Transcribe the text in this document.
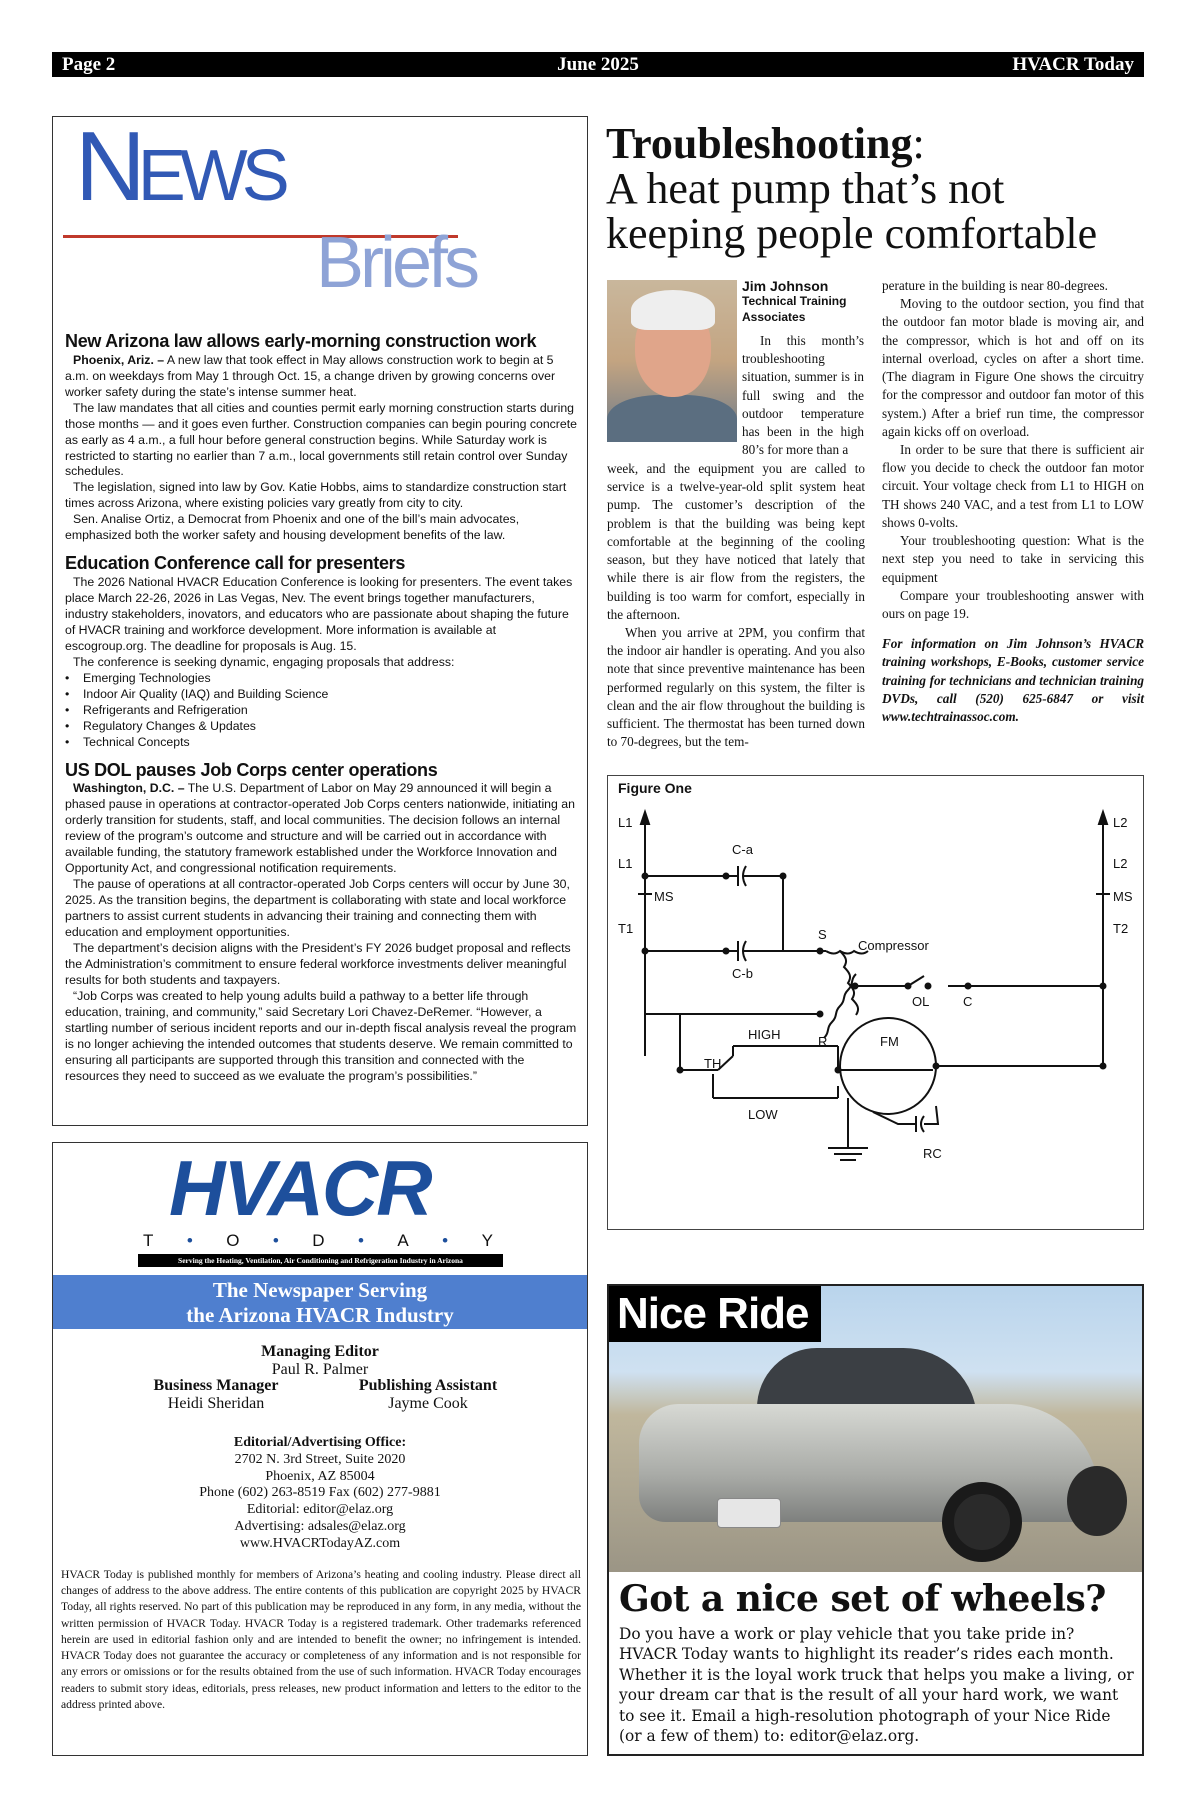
Page 2	June 2025	HVACR Today
NEWS
Briefs
New Arizona law allows early-morning construction work

Phoenix, Ariz. – A new law that took effect in May allows construction work to begin at 5 a.m. on weekdays from May 1 through Oct. 15, a change driven by growing concerns over worker safety during the state’s intense summer heat.

The law mandates that all cities and counties permit early morning construction starts during those months — and it goes even further. Construction companies can begin pouring concrete as early as 4 a.m., a full hour before general construction begins. While Saturday work is restricted to starting no earlier than 7 a.m., local governments still retain control over Sunday schedules.

The legislation, signed into law by Gov. Katie Hobbs, aims to standardize construction start times across Arizona, where existing policies vary greatly from city to city.

Sen. Analise Ortiz, a Democrat from Phoenix and one of the bill’s main advocates, emphasized both the worker safety and housing development benefits of the law.

Education Conference call for presenters

The 2026 National HVACR Education Conference is looking for presenters. The event takes place March 22-26, 2026 in Las Vegas, Nev. The event brings together manufacturers, industry stakeholders, inovators, and educators who are passionate about shaping the future of HVACR training and workforce development. More information is available at escogroup.org. The deadline for proposals is Aug. 15.

The conference is seeking dynamic, engaging proposals that address:

• Emerging Technologies
• Indoor Air Quality (IAQ) and Building Science
• Refrigerants and Refrigeration
• Regulatory Changes & Updates
• Technical Concepts
US DOL pauses Job Corps center operations

Washington, D.C. – The U.S. Department of Labor on May 29 announced it will begin a phased pause in operations at contractor-operated Job Corps centers nationwide, initiating an orderly transition for students, staff, and local communities. The decision follows an internal review of the program’s outcome and structure and will be carried out in accordance with available funding, the statutory framework established under the Workforce Innovation and Opportunity Act, and congressional notification requirements.

The pause of operations at all contractor-operated Job Corps centers will occur by June 30, 2025. As the transition begins, the department is collaborating with state and local workforce partners to assist current students in advancing their training and connecting them with education and employment opportunities.

The department’s decision aligns with the President’s FY 2026 budget proposal and reflects the Administration’s commitment to ensure federal workforce investments deliver meaningful results for both students and taxpayers.

“Job Corps was created to help young adults build a pathway to a better life through education, training, and community,” said Secretary Lori Chavez-DeRemer. “However, a startling number of serious incident reports and our in-depth fiscal analysis reveal the program is no longer achieving the intended outcomes that students deserve. We remain committed to ensuring all participants are supported through this transition and connected with the resources they need to succeed as we evaluate the program’s possibilities.”

Troubleshooting:
A heat pump that’s not
keeping people comfortable
Jim Johnson
Technical Training Associates

In this month’s troubleshooting situation, summer is in full swing and the outdoor temperature has been in the high 80’s for more than a

week, and the equipment you are called to service is a twelve-year-old split system heat pump. The customer’s description of the problem is that the building was being kept comfortable at the beginning of the cooling season, but they have noticed that lately that while there is air flow from the registers, the building is too warm for comfort, especially in the afternoon.

When you arrive at 2PM, you confirm that the indoor air handler is operating. And you also note that since preventive maintenance has been performed regularly on this system, the filter is clean and the air flow throughout the building is sufficient. The thermostat has been turned down to 70-degrees, but the tem-

perature in the building is near 80-degrees.

Moving to the outdoor section, you find that the outdoor fan motor blade is moving air, and the compressor, which is hot and off on its internal overload, cycles on after a short time. (The diagram in Figure One shows the circuitry for the compressor and outdoor fan motor of this system.) After a brief run time, the compressor again kicks off on overload.

In order to be sure that there is sufficient air flow you decide to check the outdoor fan motor circuit. Your voltage check from L1 to HIGH on TH shows 240 VAC, and a test from L1 to LOW shows 0-volts.

Your troubleshooting question: What is the next step you need to take in servicing this equipment

Compare your troubleshooting answer with ours on page 19.

For information on Jim Johnson’s HVACR training workshops, E-Books, customer service training for technicians and technician training DVDs, call (520) 625-6847 or visit www.techtrainassoc.com.

Figure One
L1
L1
MS
T1
L2
L2
MS
T2
C-a
C-b
S
Compressor
R
OL	C
TH
HIGH
LOW
FM
RC
HVACR
T • O • D • A • Y
Serving the Heating, Ventilation, Air Conditioning and Refrigeration Industry in Arizona
The Newspaper Serving
the Arizona HVACR Industry
Managing Editor
Paul R. Palmer
Business Manager
Heidi Sheridan
Publishing Assistant
Jayme Cook
Editorial/Advertising Office:
2702 N. 3rd Street, Suite 2020
Phoenix, AZ 85004
Phone (602) 263-8519 Fax (602) 277-9881
Editorial: editor@elaz.org
Advertising: adsales@elaz.org
www.HVACRTodayAZ.com
HVACR Today is published monthly for members of Arizona’s heating and cooling industry. Please direct all changes of address to the above address. The entire contents of this publication are copyright 2025 by HVACR Today, all rights reserved. No part of this publication may be reproduced in any form, in any media, without the written permission of HVACR Today. HVACR Today is a registered trademark. Other trademarks referenced herein are used in editorial fashion only and are intended to benefit the owner; no infringement is intended. HVACR Today does not guarantee the accuracy or completeness of any information and is not responsible for any errors or omissions or for the results obtained from the use of such information. HVACR Today encourages readers to submit story ideas, editorials, press releases, new product information and letters to the editor to the address printed above.
Nice Ride
Got a nice set of wheels?
Do you have a work or play vehicle that you take pride in? HVACR Today wants to highlight its reader’s rides each month. Whether it is the loyal work truck that helps you make a living, or your dream car that is the result of all your hard work, we want to see it. Email a high-resolution photograph of your Nice Ride (or a few of them) to: editor@elaz.org.
